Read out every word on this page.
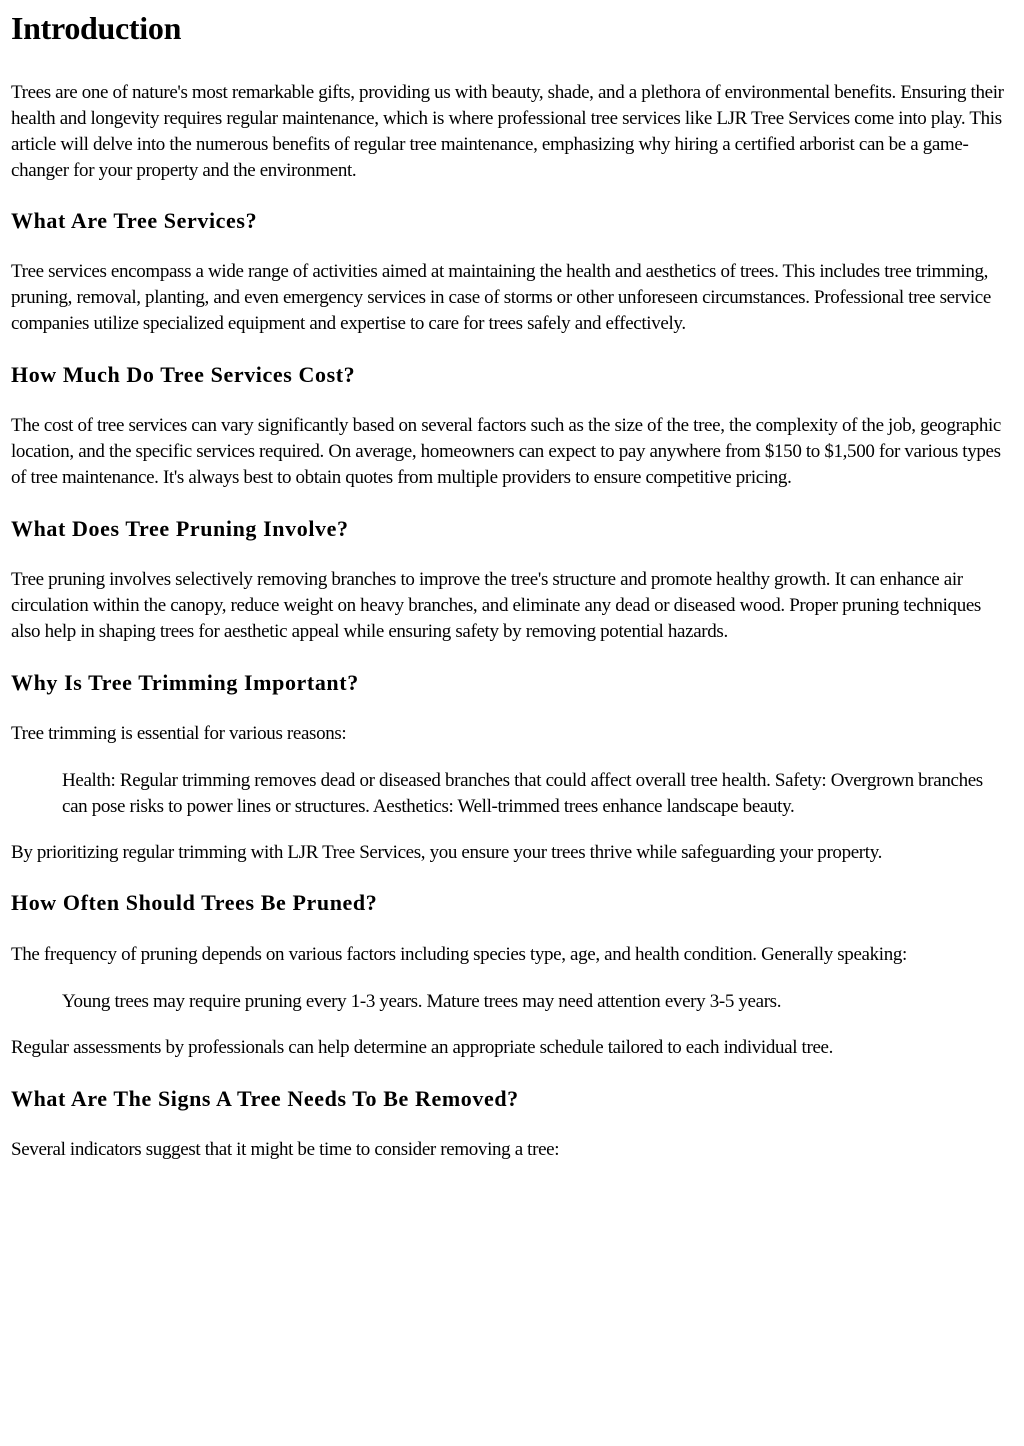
Introduction

Trees are one of nature's most remarkable gifts, providing us with beauty, shade, and a plethora of environmental benefits. Ensuring their health and longevity requires regular maintenance, which is where professional tree services like LJR Tree Services come into play. This article will delve into the numerous benefits of regular tree maintenance, emphasizing why hiring a certified arborist can be a game-changer for your property and the environment.

What Are Tree Services?

Tree services encompass a wide range of activities aimed at maintaining the health and aesthetics of trees. This includes tree trimming, pruning, removal, planting, and even emergency services in case of storms or other unforeseen circumstances. Professional tree service companies utilize specialized equipment and expertise to care for trees safely and effectively.

How Much Do Tree Services Cost?

The cost of tree services can vary significantly based on several factors such as the size of the tree, the complexity of the job, geographic location, and the specific services required. On average, homeowners can expect to pay anywhere from $150 to $1,500 for various types of tree maintenance. It's always best to obtain quotes from multiple providers to ensure competitive pricing.

What Does Tree Pruning Involve?

Tree pruning involves selectively removing branches to improve the tree's structure and promote healthy growth. It can enhance air circulation within the canopy, reduce weight on heavy branches, and eliminate any dead or diseased wood. Proper pruning techniques also help in shaping trees for aesthetic appeal while ensuring safety by removing potential hazards.

Why Is Tree Trimming Important?

Tree trimming is essential for various reasons:

Health: Regular trimming removes dead or diseased branches that could affect overall tree health. Safety: Overgrown branches can pose risks to power lines or structures. Aesthetics: Well-trimmed trees enhance landscape beauty.

By prioritizing regular trimming with LJR Tree Services, you ensure your trees thrive while safeguarding your property.

How Often Should Trees Be Pruned?

The frequency of pruning depends on various factors including species type, age, and health condition. Generally speaking:

Young trees may require pruning every 1-3 years. Mature trees may need attention every 3-5 years.

Regular assessments by professionals can help determine an appropriate schedule tailored to each individual tree.

What Are The Signs A Tree Needs To Be Removed?

Several indicators suggest that it might be time to consider removing a tree:
